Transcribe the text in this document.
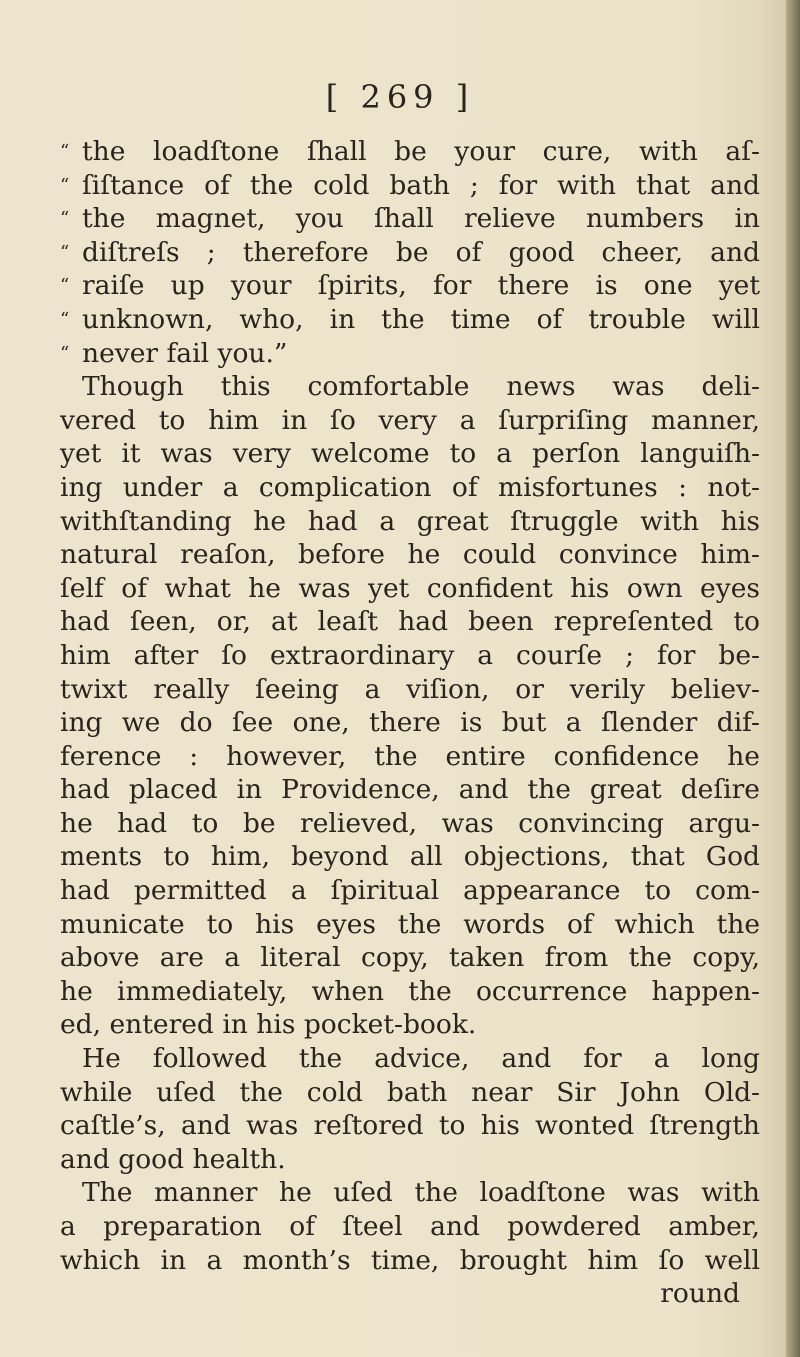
[ 269 ]
“ the loadſtone ſhall be your cure, with aſ-
“ ſiſtance of the cold bath ; for with that and
“ the magnet, you ſhall relieve numbers in
“ diſtreſs ; therefore be of good cheer, and
“ raiſe up your ſpirits, for there is one yet
“ unknown, who, in the time of trouble will
“ never fail you.”
Though this comfortable news was deli-
vered to him in ſo very a ſurpriſing manner,
yet it was very welcome to a perſon languiſh-
ing under a complication of misfortunes : not-
withſtanding he had a great ſtruggle with his
natural reaſon, before he could convince him-
ſelf of what he was yet confident his own eyes
had ſeen, or, at leaſt had been repreſented to
him after ſo extraordinary a courſe ; for be-
twixt really ſeeing a viſion, or verily believ-
ing we do ſee one, there is but a ſlender dif-
ference : however, the entire confidence he
had placed in Providence, and the great deſire
he had to be relieved, was convincing argu-
ments to him, beyond all objections, that God
had permitted a ſpiritual appearance to com-
municate to his eyes the words of which the
above are a literal copy, taken from the copy,
he immediately, when the occurrence happen-
ed, entered in his pocket-book.
He followed the advice, and for a long
while uſed the cold bath near Sir John Old-
caſtle’s, and was reſtored to his wonted ſtrength
and good health.
The manner he uſed the loadſtone was with
a preparation of ſteel and powdered amber,
which in a month’s time, brought him ſo well
round
